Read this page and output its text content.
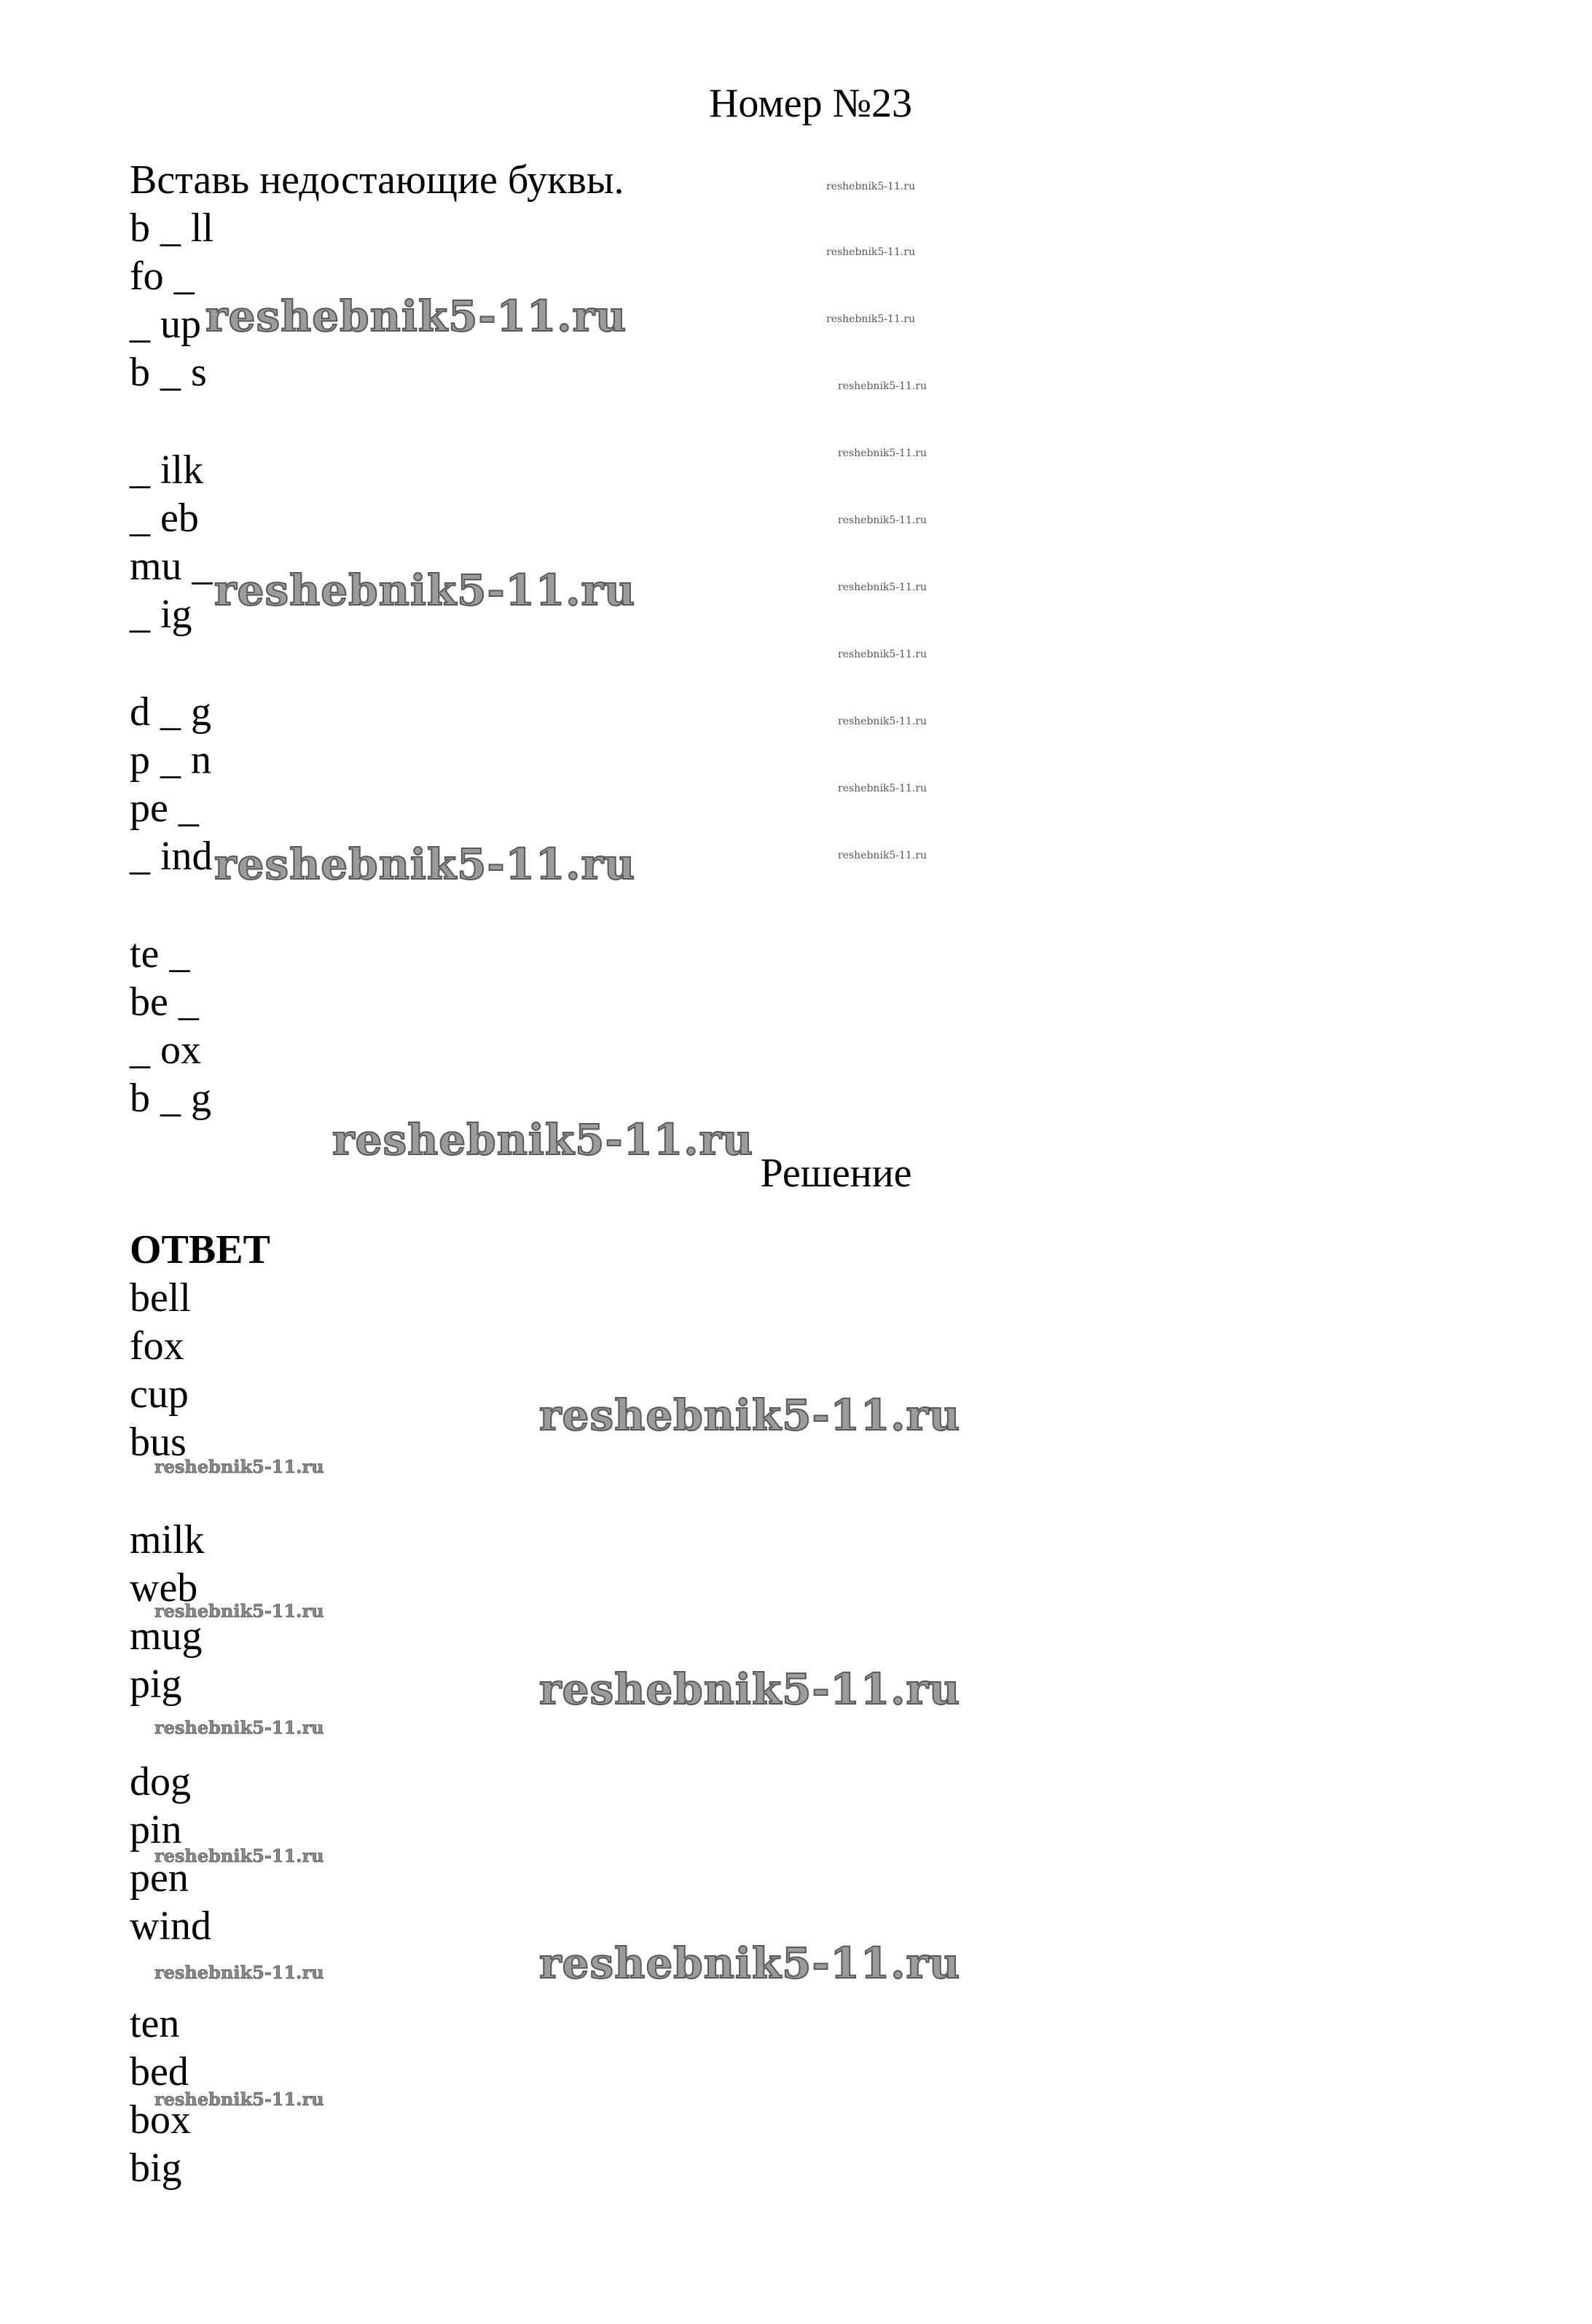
Номер №23
Вставь недостающие буквы.
b _ ll
fo _
_ up
b _ s
_ ilk
_ eb
mu _
_ ig
d _ g
p _ n
pe _
_ ind
te _
be _
_ ox
b _ g
Решение
ОТВЕТ
bell
fox
cup
bus
milk
web
mug
pig
dog
pin
pen
wind
ten
bed
box
big
reshebnik5-11.ru
reshebnik5-11.ru
reshebnik5-11.ru
reshebnik5-11.ru
reshebnik5-11.ru
reshebnik5-11.ru
reshebnik5-11.ru
reshebnik5-11.ru
reshebnik5-11.ru
reshebnik5-11.ru
reshebnik5-11.ru
reshebnik5-11.ru
reshebnik5-11.ru
reshebnik5-11.ru
reshebnik5-11.ru
reshebnik5-11.ru
reshebnik5-11.ru
reshebnik5-11.ru
reshebnik5-11.ru
reshebnik5-11.ru
reshebnik5-11.ru
reshebnik5-11.ru
reshebnik5-11.ru
reshebnik5-11.ru
